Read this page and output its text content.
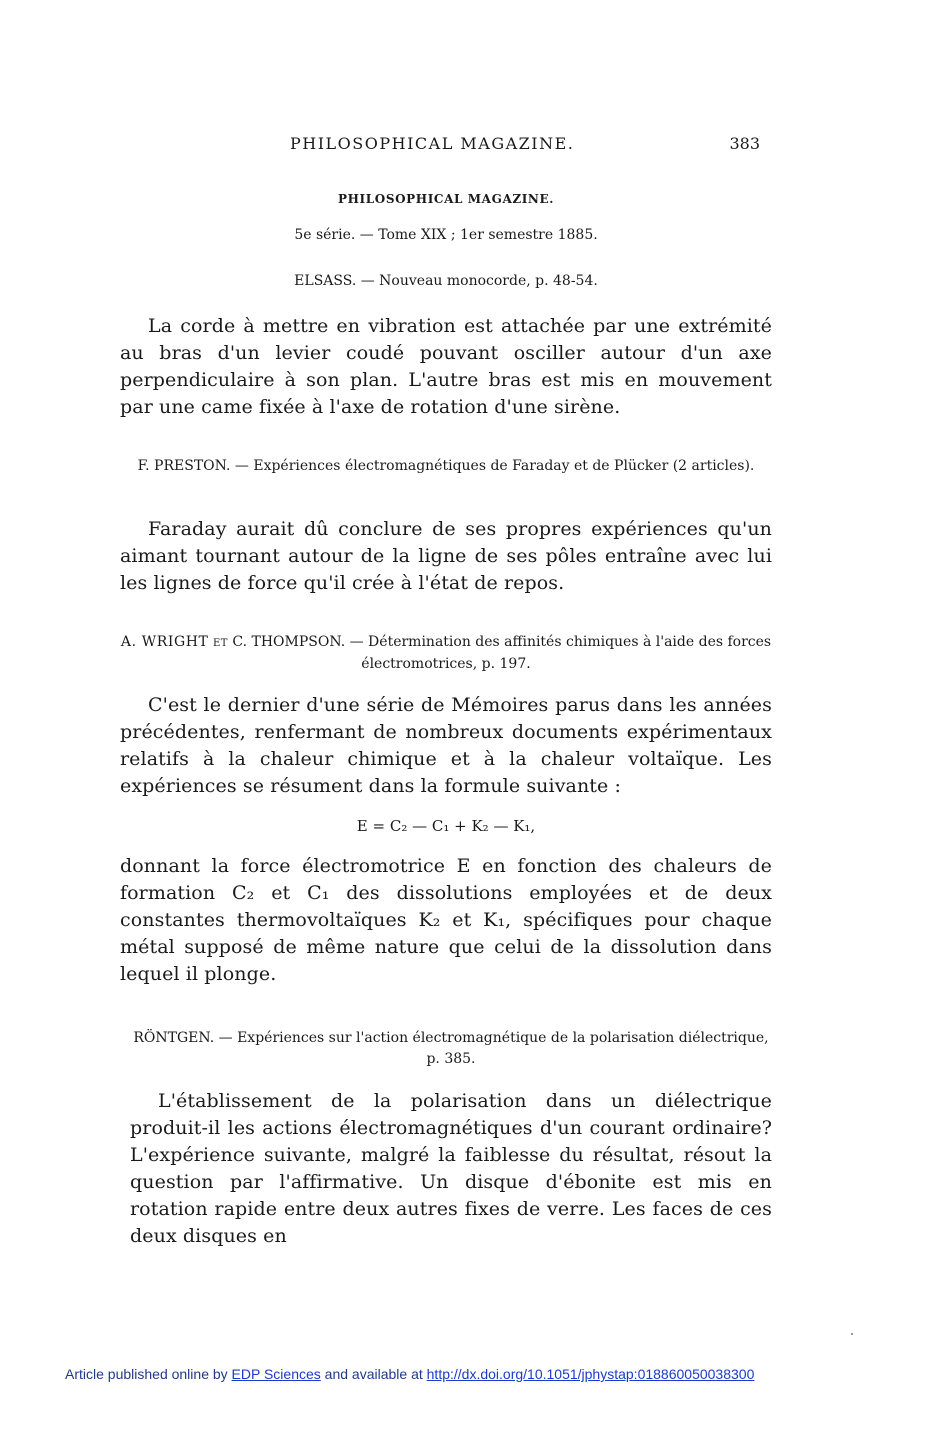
PHILOSOPHICAL MAGAZINE.	383
PHILOSOPHICAL MAGAZINE.
5e série. — Tome XIX ; 1er semestre 1885.
ELSASS. — Nouveau monocorde, p. 48-54.
La corde à mettre en vibration est attachée par une extrémité au bras d'un levier coudé pouvant osciller autour d'un axe perpendiculaire à son plan. L'autre bras est mis en mouvement par une came fixée à l'axe de rotation d'une sirène.
F. PRESTON. — Expériences électromagnétiques de Faraday et de Plücker (2 articles).
Faraday aurait dû conclure de ses propres expériences qu'un aimant tournant autour de la ligne de ses pôles entraîne avec lui les lignes de force qu'il crée à l'état de repos.
A. WRIGHT ET C. THOMPSON. — Détermination des affinités chimiques à l'aide des forces électromotrices, p. 197.
C'est le dernier d'une série de Mémoires parus dans les années précédentes, renfermant de nombreux documents expérimentaux relatifs à la chaleur chimique et à la chaleur voltaïque. Les expériences se résument dans la formule suivante :
E = C₂ — C₁ + K₂ — K₁,
donnant la force électromotrice E en fonction des chaleurs de formation C₂ et C₁ des dissolutions employées et de deux constantes thermovoltaïques K₂ et K₁, spécifiques pour chaque métal supposé de même nature que celui de la dissolution dans lequel il plonge.
RÖNTGEN. — Expériences sur l'action électromagnétique de la polarisation diélectrique, p. 385.
L'établissement de la polarisation dans un diélectrique produit-il les actions électromagnétiques d'un courant ordinaire? L'expérience suivante, malgré la faiblesse du résultat, résout la question par l'affirmative. Un disque d'ébonite est mis en rotation rapide entre deux autres fixes de verre. Les faces de ces deux disques en
Article published online by EDP Sciences and available at http://dx.doi.org/10.1051/jphystap:018860050038300
